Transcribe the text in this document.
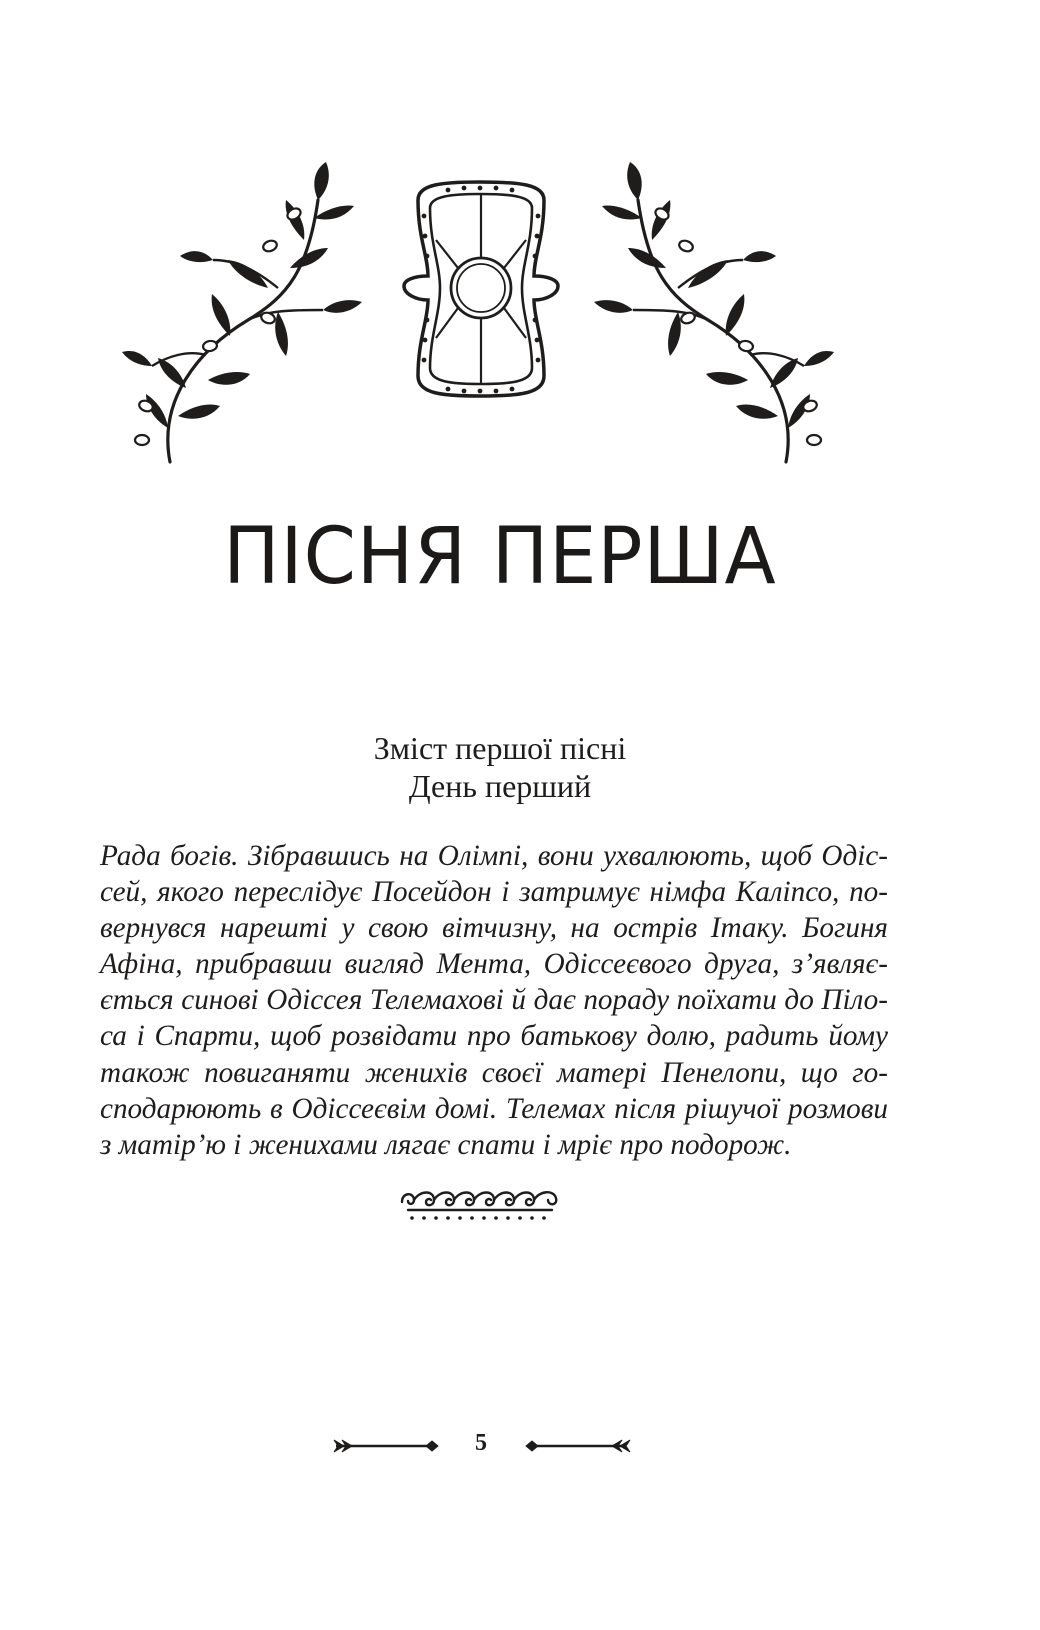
ПІСНЯ ПЕРША
Зміст першої пісні
День перший

Рада богів. Зібравшись на Олімпі, вони ухвалюють, щоб Одіс-
сей, якого переслідує Посейдон і затримує німфа Каліпсо, по-
вернувся нарешті у свою вітчизну, на острів Ітаку. Богиня
Афіна, прибравши вигляд Мента, Одіссеєвого друга, з’являє-
ється синові Одіссея Телемахові й дає пораду поїхати до Піло-
са і Спарти, щоб розвідати про батькову долю, радить йому
також повиганяти женихів своєї матері Пенелопи, що го-
сподарюють в Одіссеєвім домі. Телемах після рішучої розмови
з матір’ю і женихами лягає спати і мріє про подорож.

5
